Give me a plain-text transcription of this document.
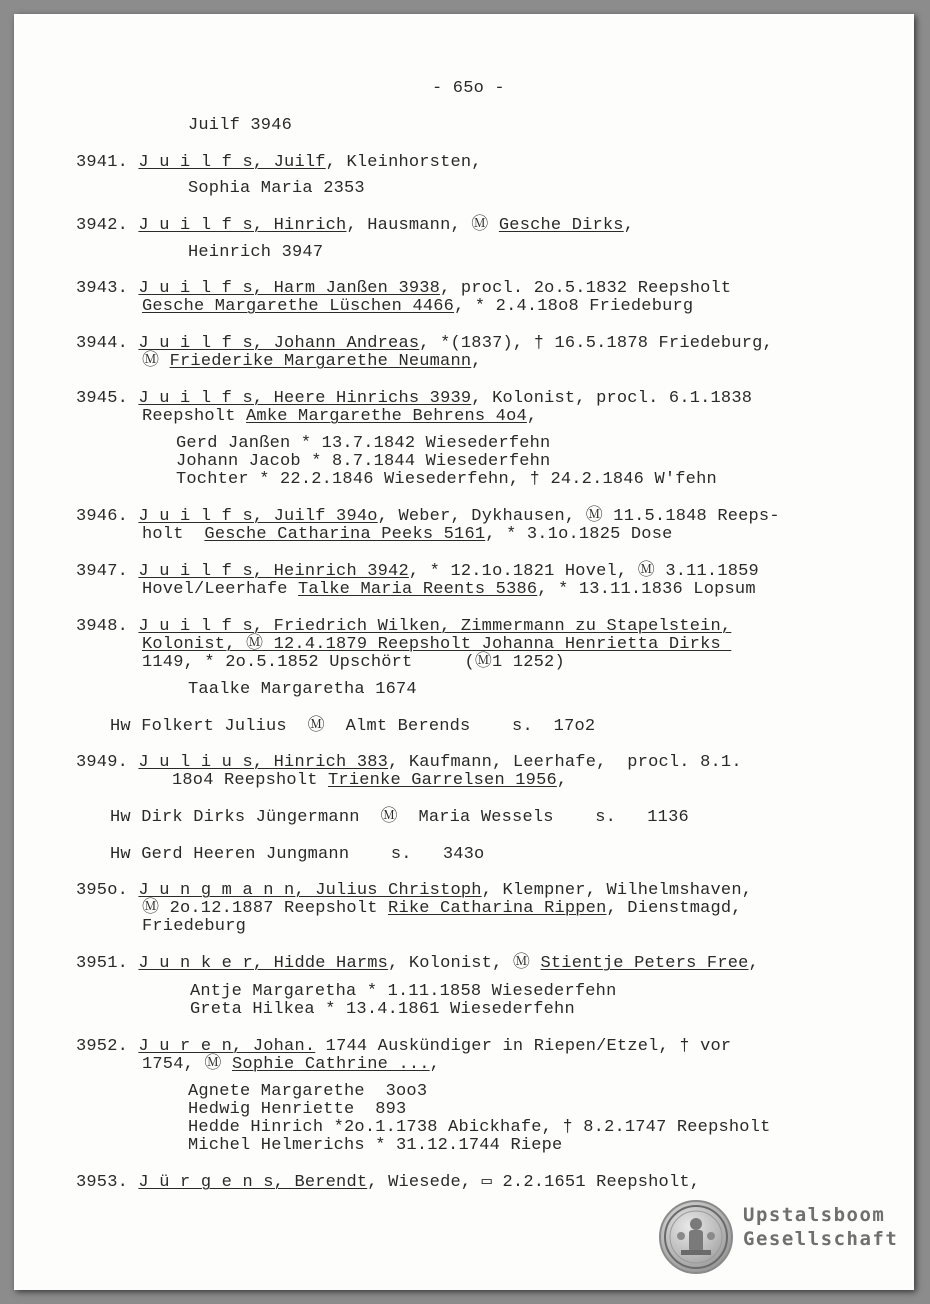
- 65o -
Juilf 3946
3941. J u i l f s, Juilf, Kleinhorsten,
Sophia Maria 2353
3942. J u i l f s, Hinrich, Hausmann, Ⓜ Gesche Dirks,
Heinrich 3947
3943. J u i l f s, Harm Janßen 3938, procl. 2o.5.1832 Reepsholt
Gesche Margarethe Lüschen 4466, * 2.4.18o8 Friedeburg
3944. J u i l f s, Johann Andreas, *(1837), † 16.5.1878 Friedeburg,
Ⓜ Friederike Margarethe Neumann,
3945. J u i l f s, Heere Hinrichs 3939, Kolonist, procl. 6.1.1838
Reepsholt Amke Margarethe Behrens 4o4,
Gerd Janßen * 13.7.1842 Wiesederfehn
Johann Jacob * 8.7.1844 Wiesederfehn
Tochter * 22.2.1846 Wiesederfehn, † 24.2.1846 W'fehn
3946. J u i l f s, Juilf 394o, Weber, Dykhausen, Ⓜ 11.5.1848 Reeps-
holt  Gesche Catharina Peeks 5161, * 3.1o.1825 Dose
3947. J u i l f s, Heinrich 3942, * 12.1o.1821 Hovel, Ⓜ 3.11.1859
Hovel/Leerhafe Talke Maria Reents 5386, * 13.11.1836 Lopsum
3948. J u i l f s, Friedrich Wilken, Zimmermann zu Stapelstein,
Kolonist, Ⓜ 12.4.1879 Reepsholt Johanna Henrietta Dirks
1149, * 2o.5.1852 Upschört     (Ⓜ1 1252)
Taalke Margaretha 1674
Hw Folkert Julius  Ⓜ  Almt Berends    s.  17o2
3949. J u l i u s, Hinrich 383, Kaufmann, Leerhafe,  procl. 8.1.
18o4 Reepsholt Trienke Garrelsen 1956,
Hw Dirk Dirks Jüngermann  Ⓜ  Maria Wessels    s.   1136
Hw Gerd Heeren Jungmann    s.   343o
395o. J u n g m a n n, Julius Christoph, Klempner, Wilhelmshaven,
Ⓜ 2o.12.1887 Reepsholt Rike Catharina Rippen, Dienstmagd,
Friedeburg
3951. J u n k e r, Hidde Harms, Kolonist, Ⓜ Stientje Peters Free,
Antje Margaretha * 1.11.1858 Wiesederfehn
Greta Hilkea * 13.4.1861 Wiesederfehn
3952. J u r e n, Johan. 1744 Auskündiger in Riepen/Etzel, † vor
1754, Ⓜ Sophie Cathrine ...,
Agnete Margarethe  3oo3
Hedwig Henriette  893
Hedde Hinrich *2o.1.1738 Abickhafe, † 8.2.1747 Reepsholt
Michel Helmerichs * 31.12.1744 Riepe
3953. J ü r g e n s, Berendt, Wiesede, ▭ 2.2.1651 Reepsholt,
Upstalsboom
Gesellschaft
